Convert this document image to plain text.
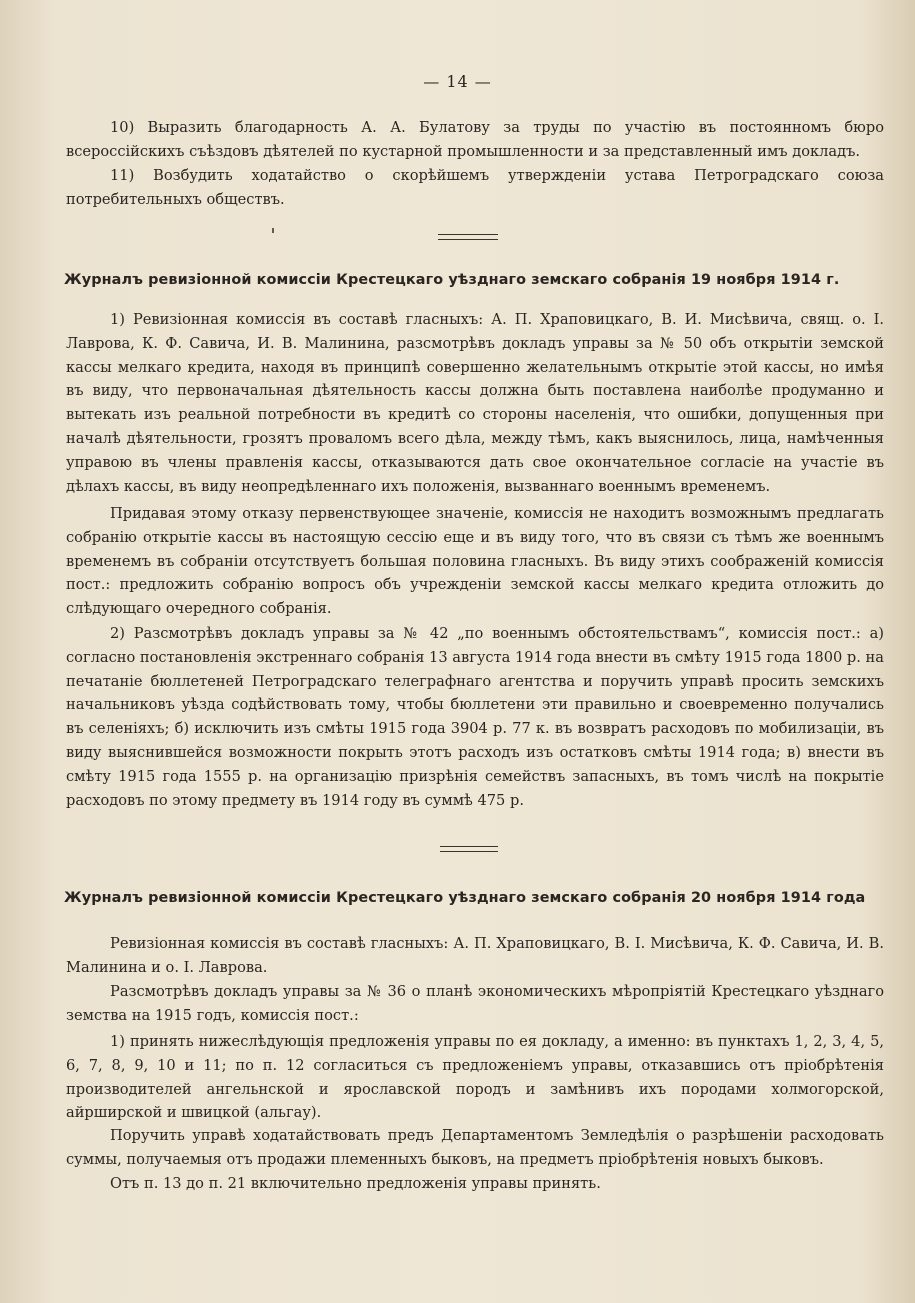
— 14 —
10) Выразить благодарность А. А. Булатову за труды по участію въ постоянномъ бюро всероссійскихъ съѣздовъ дѣятелей по кустарной промышленности и за представленный имъ докладъ.
11) Возбудить ходатайство о скорѣйшемъ утвержденіи устава Петроградскаго союза потребительныхъ обществъ.
Журналъ ревизіонной комиссіи Крестецкаго уѣзднаго земскаго собранія 19 ноября 1914 г.
1) Ревизіонная комиссія въ составѣ гласныхъ: А. П. Храповицкаго, В. И. Мисѣвича, свящ. о. І. Лаврова, К. Ф. Савича, И. В. Малинина, разсмотрѣвъ докладъ управы за № 50 объ открытіи земской кассы мелкаго кредита, находя въ принципѣ совершенно желательнымъ открытіе этой кассы, но имѣя въ виду, что первоначальная дѣятельность кассы должна быть поставлена наиболѣе продуманно и вытекать изъ реальной потребности въ кредитѣ со стороны населенія, что ошибки, допущенныя при началѣ дѣятельности, грозятъ проваломъ всего дѣла, между тѣмъ, какъ выяснилось, лица, намѣченныя управою въ члены правленія кассы, отказываются дать свое окончательное согласіе на участіе въ дѣлахъ кассы, въ виду неопредѣленнаго ихъ положенія, вызваннаго военнымъ временемъ.
Придавая этому отказу первенствующее значеніе, комиссія не находитъ возможнымъ предлагать собранію открытіе кассы въ настоящую сессію еще и въ виду того, что въ связи съ тѣмъ же военнымъ временемъ въ собраніи отсутствуетъ большая половина гласныхъ. Въ виду этихъ соображеній комиссія пост.: предложить собранію вопросъ объ учрежденіи земской кассы мелкаго кредита отложить до слѣдующаго очередного собранія.
2) Разсмотрѣвъ докладъ управы за № 42 „по военнымъ обстоятельствамъ“, комиссія пост.: а) согласно постановленія экстреннаго собранія 13 августа 1914 года внести въ смѣту 1915 года 1800 р. на печатаніе бюллетеней Петроградскаго телеграфнаго агентства и поручить управѣ просить земскихъ начальниковъ уѣзда содѣйствовать тому, чтобы бюллетени эти правильно и своевременно получались въ селеніяхъ; б) исключить изъ смѣты 1915 года 3904 р. 77 к. въ возвратъ расходовъ по мобилизаціи, въ виду выяснившейся возможности покрыть этотъ расходъ изъ остатковъ смѣты 1914 года; в) внести въ смѣту 1915 года 1555 р. на организацію призрѣнія семействъ запасныхъ, въ томъ числѣ на покрытіе расходовъ по этому предмету въ 1914 году въ суммѣ 475 р.
Журналъ ревизіонной комиссіи Крестецкаго уѣзднаго земскаго собранія 20 ноября 1914 года
Ревизіонная комиссія въ составѣ гласныхъ: А. П. Храповицкаго, В. І. Мисѣвича, К. Ф. Савича, И. В. Малинина и о. І. Лаврова.
Разсмотрѣвъ докладъ управы за № 36 о планѣ экономическихъ мѣропріятій Крестецкаго уѣзднаго земства на 1915 годъ, комиссія пост.:
1) принять нижеслѣдующія предложенія управы по ея докладу, а именно: въ пунктахъ 1, 2, 3, 4, 5, 6, 7, 8, 9, 10 и 11; по п. 12 согласиться съ предложеніемъ управы, отказавшись отъ пріобрѣтенія производителей ангельнской и ярославской породъ и замѣнивъ ихъ породами холмогорской, айрширской и швицкой (альгау).
Поручить управѣ ходатайствовать предъ Департаментомъ Земледѣлія о разрѣшеніи расходовать суммы, получаемыя отъ продажи племенныхъ быковъ, на предметъ пріобрѣтенія новыхъ быковъ.
Отъ п. 13 до п. 21 включительно предложенія управы принять.
